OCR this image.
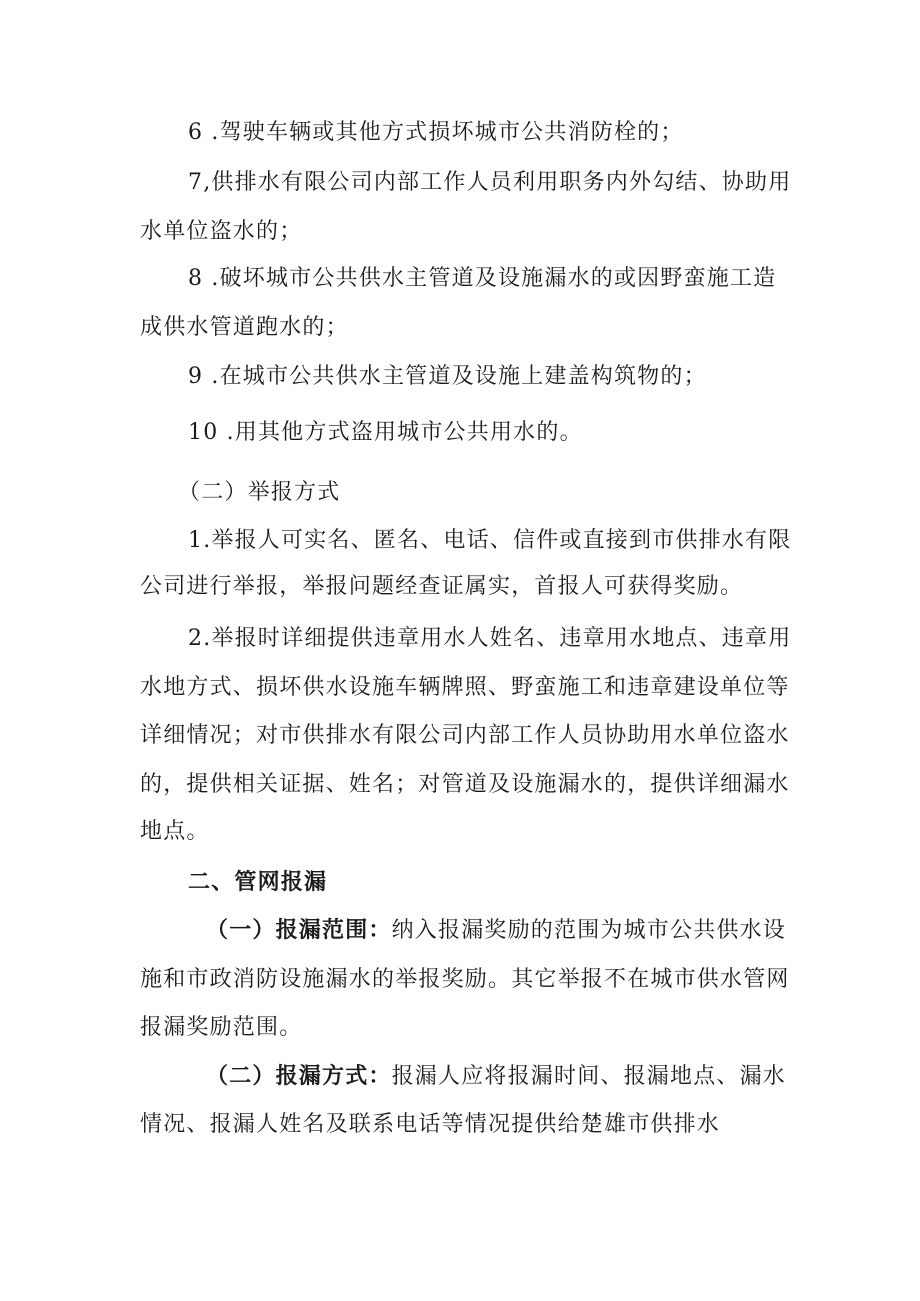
6 .驾驶车辆或其他方式损坏城市公共消防栓的；
7,供排水有限公司内部工作人员利用职务内外勾结、协助用
水单位盗水的；
8 .破坏城市公共供水主管道及设施漏水的或因野蛮施工造
成供水管道跑水的；
9 .在城市公共供水主管道及设施上建盖构筑物的；
10 .用其他方式盗用城市公共用水的。
（二）举报方式
1.举报人可实名、匿名、电话、信件或直接到市供排水有限
公司进行举报，举报问题经查证属实，首报人可获得奖励。
2.举报时详细提供违章用水人姓名、违章用水地点、违章用
水地方式、损坏供水设施车辆牌照、野蛮施工和违章建设单位等
详细情况；对市供排水有限公司内部工作人员协助用水单位盗水
的，提供相关证据、姓名；对管道及设施漏水的，提供详细漏水
地点。
二、管网报漏
（一）报漏范围：纳入报漏奖励的范围为城市公共供水设
施和市政消防设施漏水的举报奖励。其它举报不在城市供水管网
报漏奖励范围。
（二）报漏方式：报漏人应将报漏时间、报漏地点、漏水
情况、报漏人姓名及联系电话等情况提供给楚雄市供排水
